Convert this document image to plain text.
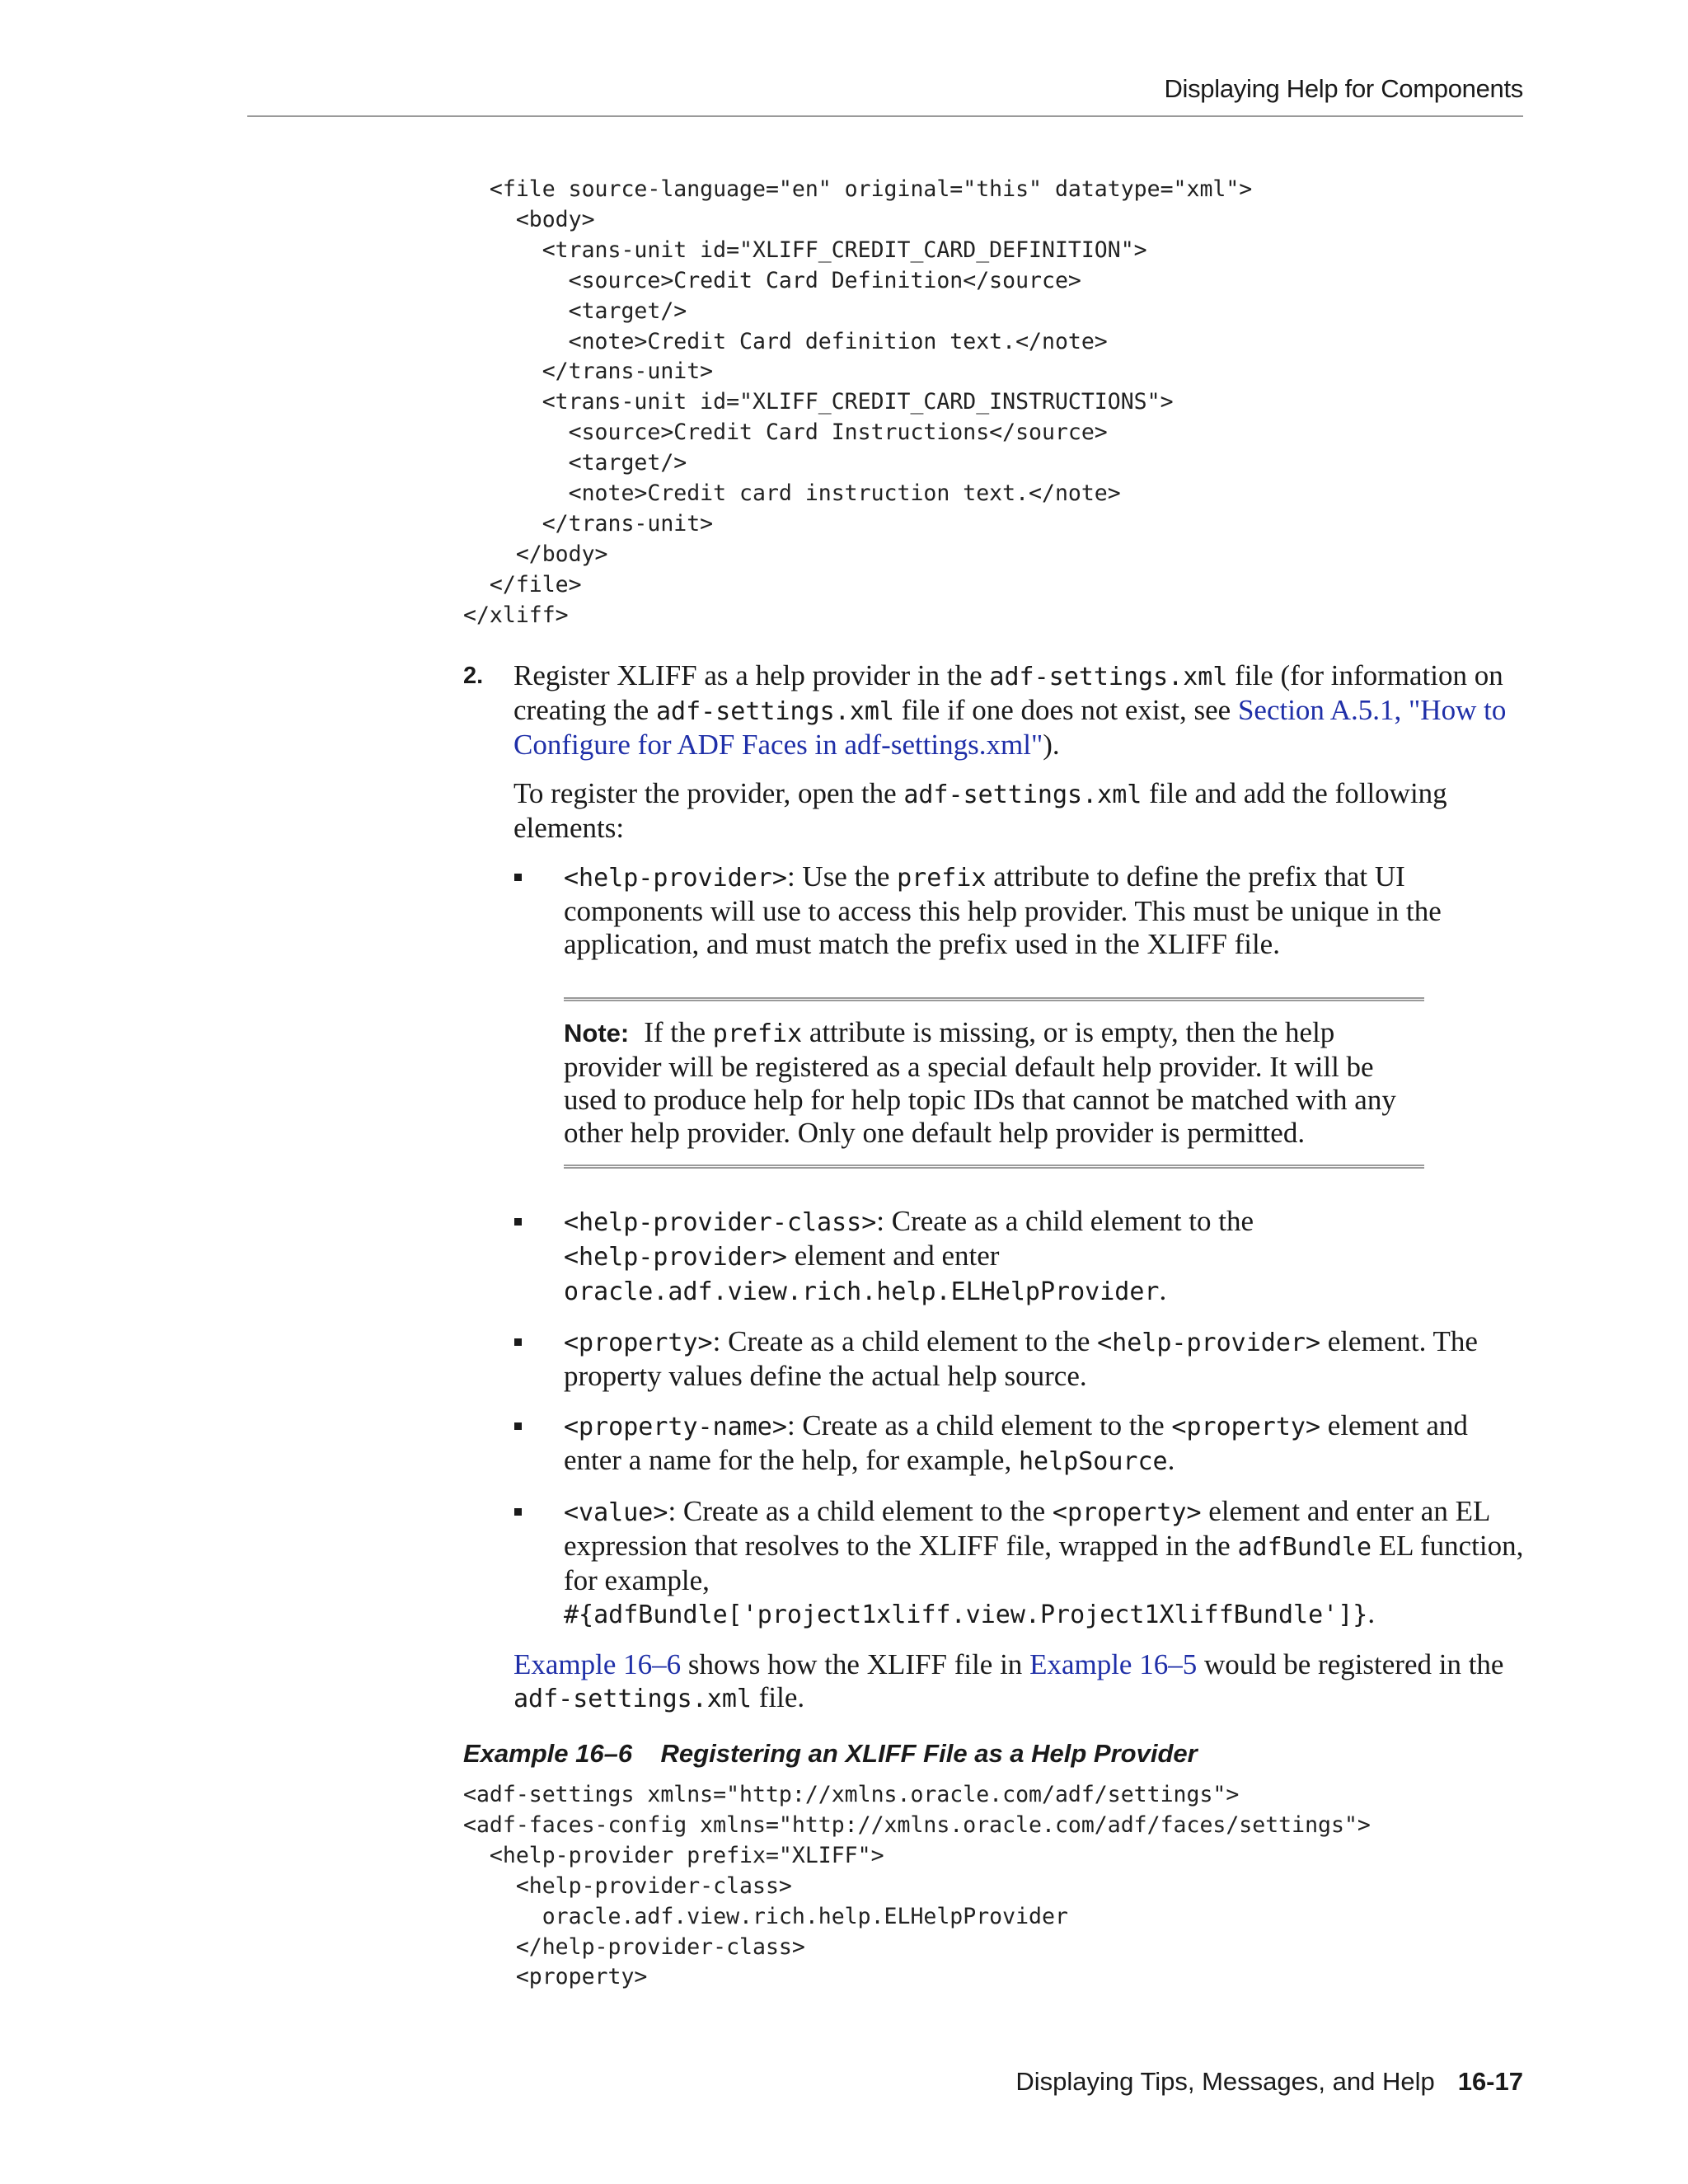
Displaying Help for Components
<file source-language="en" original="this" datatype="xml">
<body>
<trans-unit id="XLIFF_CREDIT_CARD_DEFINITION">
<source>Credit Card Definition</source>
<target/>
<note>Credit Card definition text.</note>
</trans-unit>
<trans-unit id="XLIFF_CREDIT_CARD_INSTRUCTIONS">
<source>Credit Card Instructions</source>
<target/>
<note>Credit card instruction text.</note>
</trans-unit>
</body>
</file>
</xliff>
2. Register XLIFF as a help provider in the adf-settings.xml file (for information on creating the adf-settings.xml file if one does not exist, see Section A.5.1, "How to Configure for ADF Faces in adf-settings.xml").

To register the provider, open the adf-settings.xml file and add the following elements:

<help-provider>: Use the prefix attribute to define the prefix that UI components will use to access this help provider. This must be unique in the application, and must match the prefix used in the XLIFF file.
Note: If the prefix attribute is missing, or is empty, then the help provider will be registered as a special default help provider. It will be used to produce help for help topic IDs that cannot be matched with any other help provider. Only one default help provider is permitted.
<help-provider-class>: Create as a child element to the
<help-provider> element and enter
oracle.adf.view.rich.help.ELHelpProvider.
<property>: Create as a child element to the <help-provider> element. The property values define the actual help source.
<property-name>: Create as a child element to the <property> element and enter a name for the help, for example, helpSource.
<value>: Create as a child element to the <property> element and enter an EL expression that resolves to the XLIFF file, wrapped in the adfBundle EL function, for example,
#{adfBundle['project1xliff.view.Project1XliffBundle']}.

Example 16–6 shows how the XLIFF file in Example 16–5 would be registered in the adf-settings.xml file.

Example 16–6    Registering an XLIFF File as a Help Provider
<adf-settings xmlns="http://xmlns.oracle.com/adf/settings">
<adf-faces-config xmlns="http://xmlns.oracle.com/adf/faces/settings">
<help-provider prefix="XLIFF">
<help-provider-class>
oracle.adf.view.rich.help.ELHelpProvider
</help-provider-class>
<property>
Displaying Tips, Messages, and Help 16-17
